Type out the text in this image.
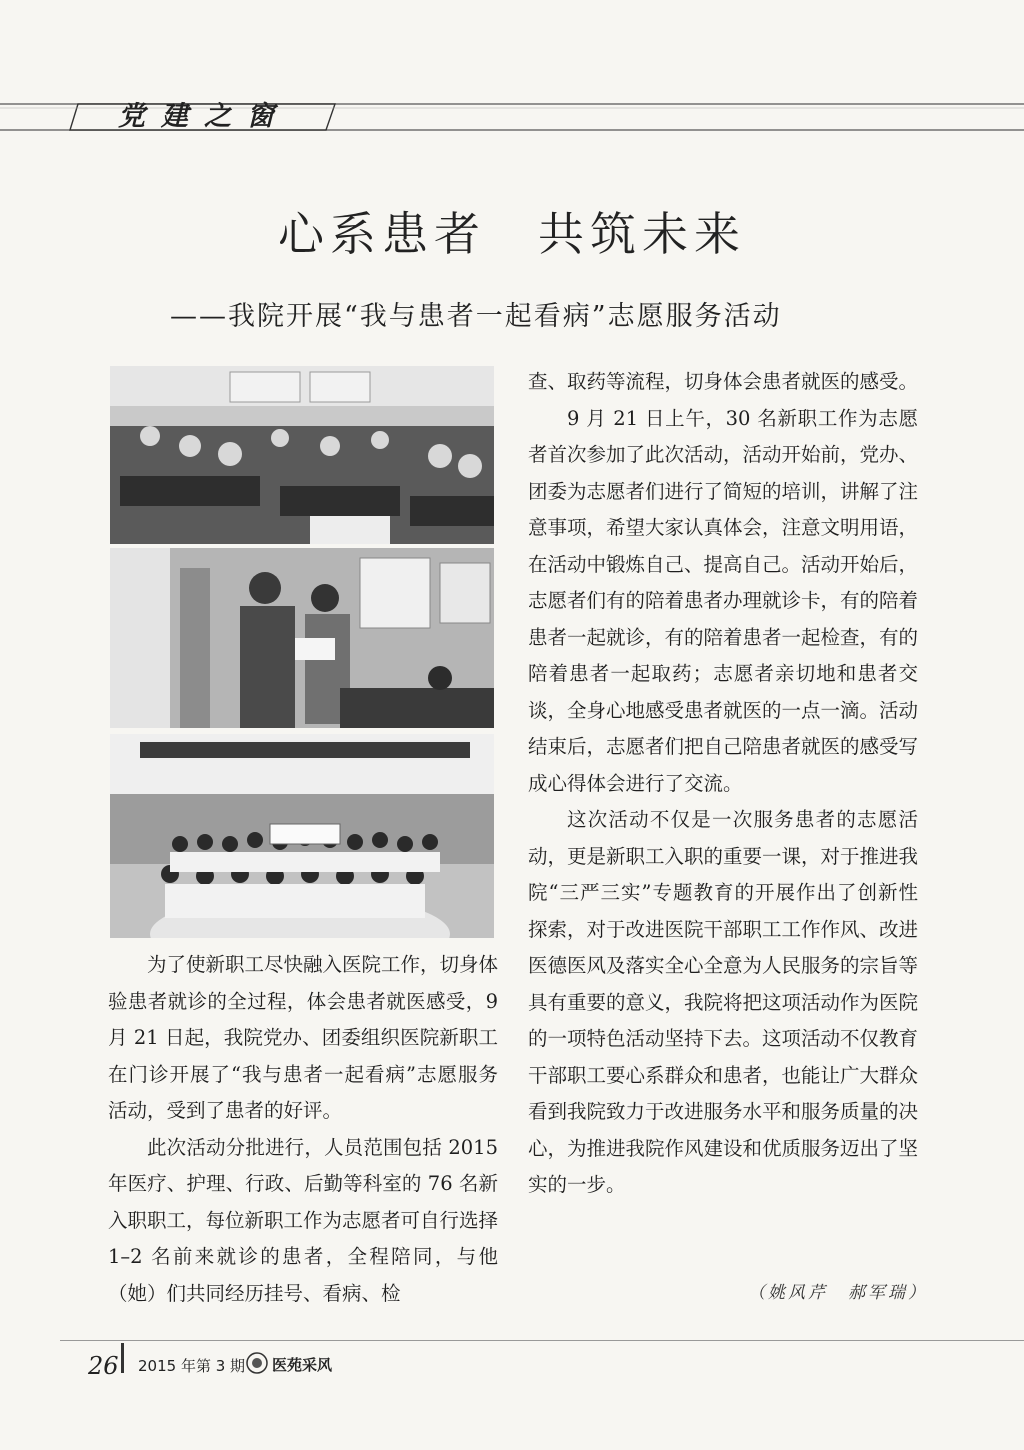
党建之窗
心系患者　共筑未来
——我院开展“我与患者一起看病”志愿服务活动

为了使新职工尽快融入医院工作，切身体验患者就诊的全过程，体会患者就医感受，9 月 21 日起，我院党办、团委组织医院新职工在门诊开展了“我与患者一起看病”志愿服务活动，受到了患者的好评。

此次活动分批进行，人员范围包括 2015 年医疗、护理、行政、后勤等科室的 76 名新入职职工，每位新职工作为志愿者可自行选择 1–2 名前来就诊的患者，全程陪同，与他（她）们共同经历挂号、看病、检

查、取药等流程，切身体会患者就医的感受。

9 月 21 日上午，30 名新职工作为志愿者首次参加了此次活动，活动开始前，党办、团委为志愿者们进行了简短的培训，讲解了注意事项，希望大家认真体会，注意文明用语，在活动中锻炼自己、提高自己。活动开始后，志愿者们有的陪着患者办理就诊卡，有的陪着患者一起就诊，有的陪着患者一起检查，有的陪着患者一起取药；志愿者亲切地和患者交谈，全身心地感受患者就医的一点一滴。活动结束后，志愿者们把自己陪患者就医的感受写成心得体会进行了交流。

这次活动不仅是一次服务患者的志愿活动，更是新职工入职的重要一课，对于推进我院“三严三实”专题教育的开展作出了创新性探索，对于改进医院干部职工工作作风、改进医德医风及落实全心全意为人民服务的宗旨等具有重要的意义，我院将把这项活动作为医院的一项特色活动坚持下去。这项活动不仅教育干部职工要心系群众和患者，也能让广大群众看到我院致力于改进服务水平和服务质量的决心，为推进我院作风建设和优质服务迈出了坚实的一步。

（姚风芹　郝军瑞）
26 2015 年第 3 期 医苑采风
